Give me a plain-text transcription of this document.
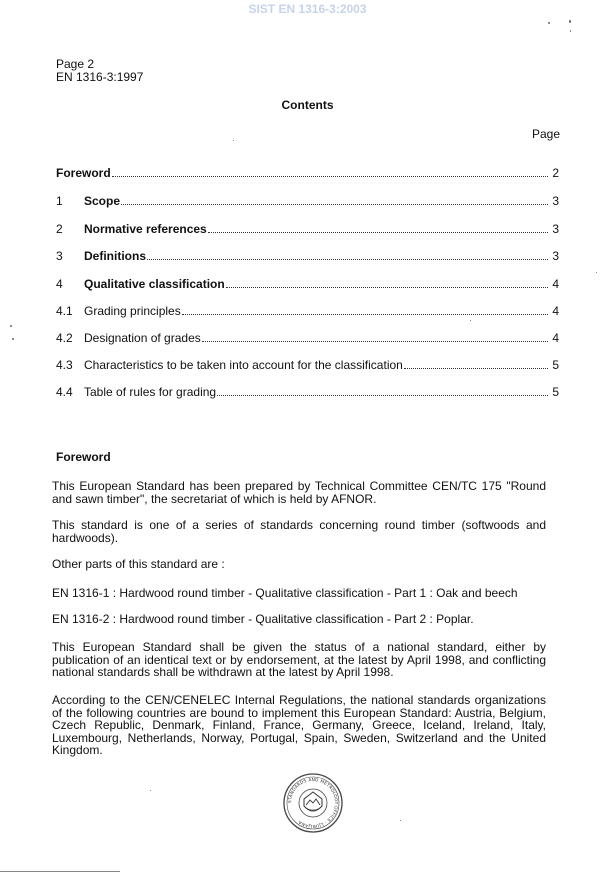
SIST EN 1316-3:2003
Page 2
EN 1316-3:1997
Contents
Page
Foreword	2
1	Scope	3
2	Normative references	3
3	Definitions	3
4	Qualitative classification	4
4.1 Grading principles	4
4.2 Designation of grades	4
4.3 Characteristics to be taken into account for the classification	5
4.4 Table of rules for grading	5
Foreword

This European Standard has been prepared by Technical Committee CEN/TC 175 "Round and sawn timber", the secretariat of which is held by AFNOR.

This standard is one of a series of standards concerning round timber (softwoods and hardwoods).

Other parts of this standard are :

EN 1316-1 : Hardwood round timber - Qualitative classification - Part 1 : Oak and beech

EN 1316-2 : Hardwood round timber - Qualitative classification - Part 2 : Poplar.

This European Standard shall be given the status of a national standard, either by publication of an identical text or by endorsement, at the latest by April 1998, and conflicting national standards shall be withdrawn at the latest by April 1998.

According to the CEN/CENELEC Internal Regulations, the national standards organizations of the following countries are bound to implement this European Standard: Austria, Belgium, Czech Republic, Denmark, Finland, France, Germany, Greece, Iceland, Ireland, Italy, Luxembourg, Netherlands, Norway, Portugal, Spain, Sweden, Switzerland and the United Kingdom.

STANDARDS AND METROLOGY OFFICE · LJUBLJANA
